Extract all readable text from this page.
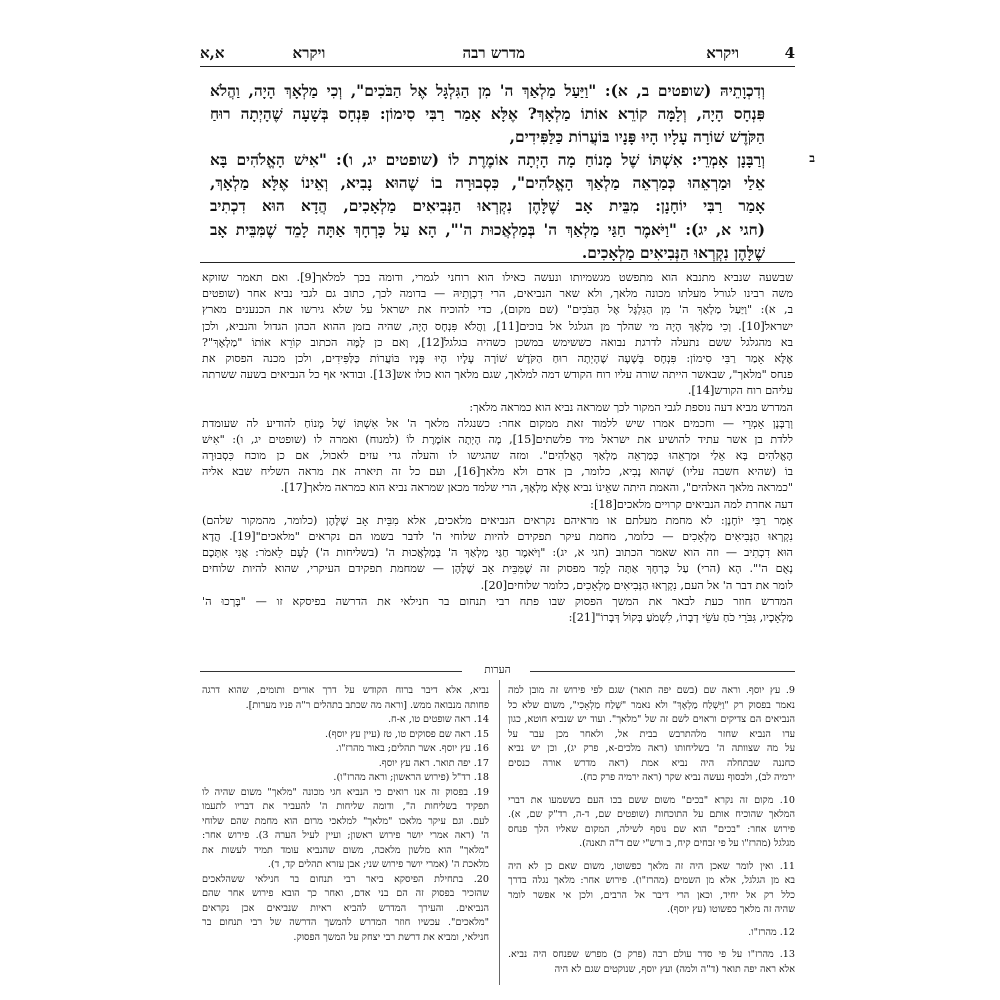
4
ויקרא
מדרש רבה
ויקראא,א
ב
וְדִכְוָתֵיהּ (שופטים ב, א): "וַיַּעַל מַלְאַךְ ה' מִן הַגִּלְגָּל אֶל הַבֹּכִים", וְכִי מַלְאָךְ הָיָה, וַהֲלֹא
פִּנְחָס הָיָה, וְלָמָּה קוֹרֵא אוֹתוֹ מַלְאָךְ? אֶלָּא אָמַר רַבִּי סִימוֹן: פִּנְחָס בְּשָׁעָה שֶׁהָיְתָה רוּחַ
הַקֹּדֶשׁ שׁוֹרָה עָלָיו הָיוּ פָּנָיו בּוֹעֲרוֹת כַּלַּפִּידִים,
וְרַבָּנָן אָמְרֵי: אִשְׁתּוֹ שֶׁל מָנוֹחַ מָה הָיְתָה אוֹמֶרֶת לוֹ (שופטים יג, ו): "אִישׁ הָאֱלֹהִים בָּא
אֵלַי וּמַרְאֵהוּ כְּמַרְאֵה מַלְאַךְ הָאֱלֹהִים", כִּסְבוּרָה בוֹ שֶׁהוּא נָבִיא, וְאֵינוֹ אֶלָּא מַלְאָךְ,
אָמַר רַבִּי יוֹחָנָן: מִבֵּית אָב שֶׁלָּהֶן נִקְרְאוּ הַנְּבִיאִים מַלְאָכִים, הֲדָא הוּא דִכְתִיב
(חגי א, יג): "וַיֹּאמֶר חַגַּי מַלְאַךְ ה' בְּמַלְאֲכוּת ה'", הָא עַל כָּרְחָךְ אַתָּה לָמֵד שֶׁמִּבֵּית אָב
שֶׁלָּהֶן נִקְרְאוּ הַנְּבִיאִים מַלְאָכִים.
שבשעה שנביא מתנבא הוא מתפשט מגשמיותו ונעשה כאילו הוא רוחני לגמרי, ודומה בכך למלאך[9]. ואם תאמר שזוקא
משה רבינו לגורל מעלתו מכונה מלאך, ולא שאר הנביאים, הרי דִכְוָתֵיהּ — בדומה לכך, כתוב גם לגבי נביא אחר (שופטים
ב, א): "וַיַּעַל מַלְאַךְ ה' מִן הַגִּלְגָּל אֶל הַבֹּכִים" (שם מקום), כדי להוכיח את ישראל על שלא גירשו את הכנענים מארץ
ישראל[10]. וְכִי מַלְאָךְ הָיָה מי שהלך מן הגלגל אל בוכים[11], וַהֲלֹא פִּנְחָס הָיָה, שהיה בזמן ההוא הכהן הגדול והנביא, ולכן
בא מהגלגל ששם נתעלה לדרגת נבואה כששימש במשכן כשהיה בגלגל[12], וְאם כן לָמָּה הכתוב קוֹרֵא אוֹתוֹ "מַלְאָךְ"?
אֶלָּא אָמַר רַבִּי סִימוֹן: פִּנְחָס בְּשָׁעָה שֶׁהָיְתָה רוּחַ הַקֹּדֶשׁ שׁוֹרָה עָלָיו הָיוּ פָּנָיו בּוֹעֲרוֹת כַּלַּפִּידִים, ולכן מכנה הפסוק את
פנחס "מלאך", שבאשר הייתה שורה עליו רוח הקודש דמה למלאך, שגם מלאך הוא כולו אש[13]. ובודאי אף כל הנביאים בשעה ששרתה
עליהם רוח הקודש[14].
המדרש מביא דעה נוספת לגבי המקור לכך שמראה נביא הוא כמראה מלאך:
וְרַבָּנָן אָמְרֵי — וחכמים אמרו שיש ללמוד זאת ממקום אחר: כשנגלה מלאך ה' אל אִשְׁתּוֹ שֶׁל מָנוֹחַ להודיע לה שעומדת
ללדת בן אשר עתיד להושיע את ישראל מיד פלשתים[15], מָה הָיְתָה אוֹמֶרֶת לוֹ (למנוח) ואמרה לו (שופטים יג, ו): "אִישׁ
הָאֱלֹהִים בָּא אֵלַי וּמַרְאֵהוּ כְּמַרְאֵה מַלְאַךְ הָאֱלֹהִים". ומזה שהגישו לו והעלה גדי עזים לאכול, אם כן מוכח כִּסְבוּרָה
בוֹ (שהיא חשבה עליו) שֶׁהוּא נָבִיא, כלומר, בן אדם ולא מלאך[16], ועם כל זה תיארה את מראה השליח שבא אליה
"כמראה מלאך האלהים", והאמת היתה שאֵינוֹ נביא אֶלָּא מַלְאָךְ, הרי שלמד מכאן שמראה נביא הוא כמראה מלאך[17].
דעה אחרת למה הנביאים קרויים מלאכים[18]:
אָמַר רַבִּי יוֹחָנָן: לא מחמת מעלתם או מראיהם נקראים הנביאים מלאכים, אלא מִבֵּית אָב שֶׁלָּהֶן (כלומר, מהמקור שלהם)
נִקְרְאוּ הַנְּבִיאִים מַלְאָכִים — כלומר, מחמת עיקר תפקידם להיות שלוחי ה' לדבר בשמו הם נקראים "מלאכים"[19]. הֲדָא
הוּא דִכְתִיב — וזה הוא שאמר הכתוב (חגי א, יג): "וַיֹּאמֶר חַגַּי מַלְאַךְ ה' בְּמַלְאֲכוּת ה' (בשליחות ה') לָעָם לֵאמֹר: אֲנִי אִתְּכֶם
נְאֻם ה'". הָא (הרי) עַל כָּרְחָךְ אַתָּה לָמֵד מפסוק זה שֶׁמִּבֵּית אָב שֶׁלָּהֶן — שמחמת תפקידם העיקרי, שהוא להיות שלוחים
לומר את דבר ה' אל העם, נִקְרְאוּ הַנְּבִיאִים מַלְאָכִים, כלומר שלוחים[20].
המדרש חוזר כעת לבאר את המשך הפסוק שבו פתח רבי תנחום בר חנילאי את הדרשה בפיסקא זו — "בָּרְכוּ ה'
מַלְאָכָיו, גִּבֹּרֵי כֹחַ עֹשֵׂי דְבָרוֹ, לִשְׁמֹעַ בְּקוֹל דְּבָרוֹ"[21]:
הערות
9. עץ יוסף. וראה שם (בשם יפה תואר) שגם לפי פירוש זה מובן למה
נאמר בפסוק רק "וַיִּשְׁלַח מַלְאָךְ" ולא נאמר "שְׁלַח מַלְאָכִי", משום שלא כל
הנביאים הם צדיקים וראוים לשם זה של "מלאך". ועוד יש שנביא חוטא, כגון
עדו הנביא שחזר מלהתרבש בבית אל, ולאחר מכן עבר על
על מה שצוותה ה' בשליחותו (ראה מלכים-א, פרק יג), וכן יש נביא
כחננה שבתחלה היה נביא אמת (ראה מדרש אורה כנסים
ירמיה לב), ולבסוף נעשה נביא שקר (ראה ירמיה פרק כח).
10. מקום זה נקרא "בכים" משום ששם בכו העם כששמעו את דברי
המלאך שהוכיח אותם על התוכחות (שופטים שם, ד-ה, רד"ק שם, א).
פירוש אחר: "בכים" הוא שם נוסף לשילה, המקום שאליו הלך פנחס
מגלגל (מהרז"ו על פי זבחים קיח, ב ורש"י שם ד"ה תאנה).
11. ואין לומר שאכן היה זה מלאך כפשוטו, משום שאם כן לא היה
בא מן הגלגל, אלא מן השמים (מהרז"ו). פירוש אחר: מלאך נגלה בדרך
כלל רק אל יחיד, וכאן הרי דיבר אל הרבים, ולכן אי אפשר לומר
שהיה זה מלאך כפשוטו (עץ יוסף).
12. מהרז"ו.
13. מהרז"ו על פי סדר עולם רבה (פרק כ) מפרש שפנחס היה נביא.
אלא ראה יפה תואר (ד"ה ולמה) ועץ יוסף, שנוקטים שגם לא היה
נביא, אלא דיבר ברוח הקודש על דרך אורים ותומים, שהוא דרגה
פחותה מנבואה ממש. [וראה מה שכתב בתהלים ר"ה פניו מערות].
14. ראה שופטים טו, א-ח.
15. ראה שם פסוקים טו, טז (עיין עץ יוסף).
16. עץ יוסף. אשר תהלים; באור מהרז"ו.
17. יפה תואר. ראה עץ יוסף.
18. רד"ל (פירוש הראשון; וראה מהרז"ו).
19. בפסוק זה אנו רואים כי הנביא חגי מכונה "מלאך" משום שהיה לו
תפקיד בשליחות ה", ודומה שליחות ה' להעביר את דבריו לתעמו
לעם. וגם עיקר מלאכו "מלאך" למלאכי מרום הוא מחמת שהם שלוחי
ה' (ראה אמרי יושר פירוש ראשון; ועיין לעיל הערה 3). פירוש אחר:
"מלאך" הוא מלשון מלאכה, משום שהנביא עומד תמיד לעשות את
מלאכת ה' (אמרי יושר פירוש שני; אבן עזרא תהלים קד, ד).
20. בתחילת הפיסקא ביאר רבי תנחום בר חנילאי ששהלאכים
שהזכיר בפסוק זה הם בני אדם, ואחר כך הובא פירוש אחר שהם
הנביאים. והעירך המדרש להביא ראיות שנביאים אכן נקראים
"מלאכים". עכשיו חוזר המדרש להמשך הדרשה של רבי תנחום בר
חנילאי, ומביא את דרשת רבי יצחק על המשך הפסוק.
